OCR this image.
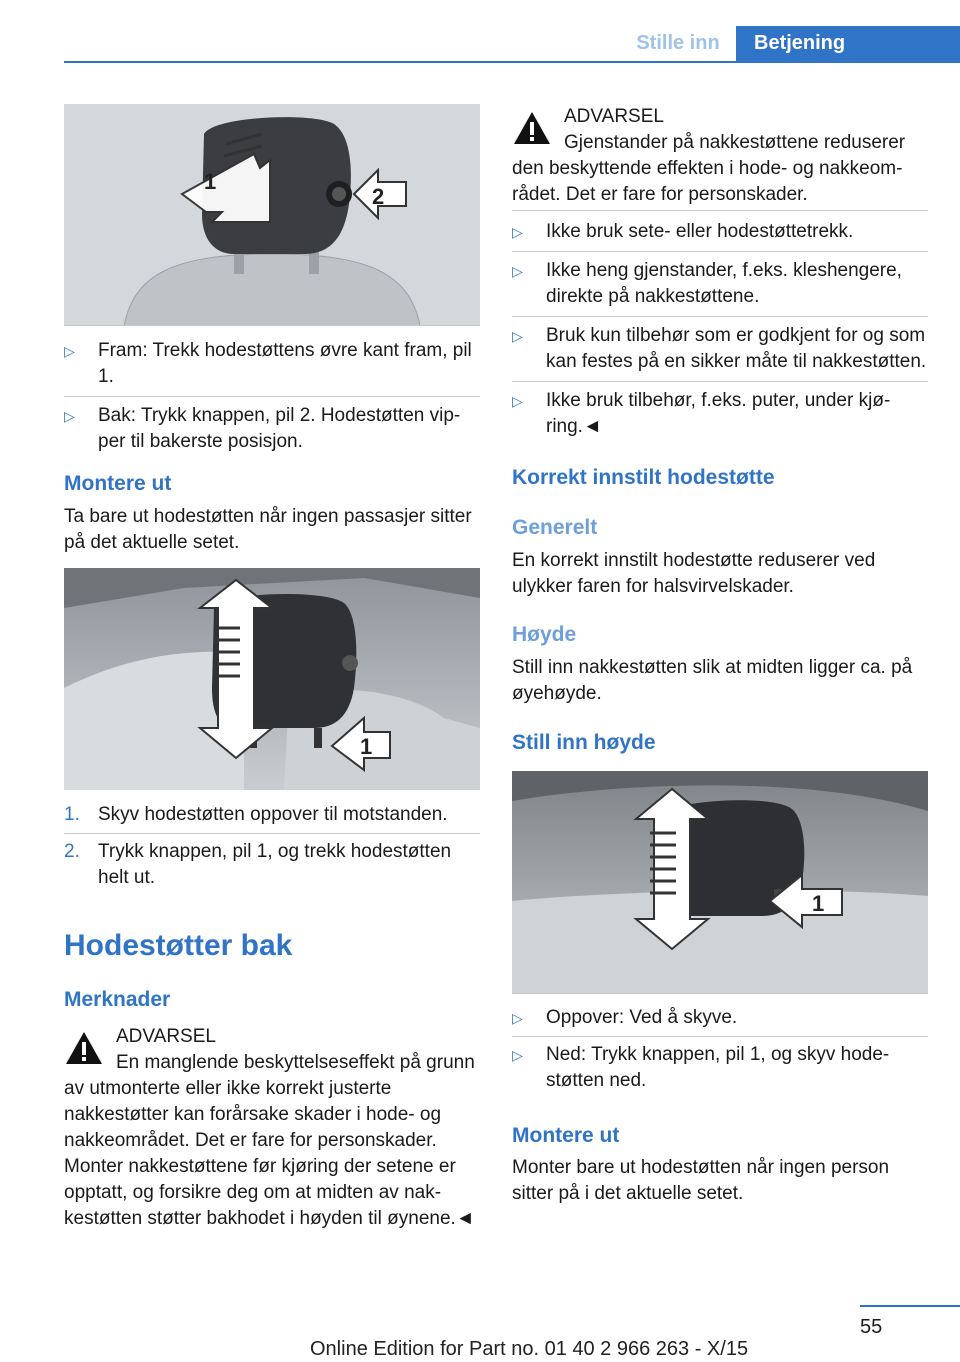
Stille inn	Betjening
1
2
▷	Fram: Trekk hodestøttens øvre kant fram, pil 1.
▷	Bak: Trykk knappen, pil 2. Hodestøtten vipper til bakerste posisjon.
Montere ut
Ta bare ut hodestøtten når ingen passasjer sitter på det aktuelle setet.
1
1. Skyv hodestøtten oppover til motstanden.
2. Trykk knappen, pil 1, og trekk hodestøtten helt ut.
Hodestøtter bak
Merknader
ADVARSEL
En manglende beskyttelseseffekt på grunn av utmonterte eller ikke korrekt justerte nakkestøtter kan forårsake skader i hode- og nakkeområdet. Det er fare for personskader. Monter nakkestøttene før kjøring der setene er opptatt, og forsikre deg om at midten av nakkestøtten støtter bakhodet i høyden til øynene.◄
ADVARSEL
Gjenstander på nakkestøttene reduserer den beskyttende effekten i hode- og nakkeområdet. Det er fare for personskader.
▷	Ikke bruk sete- eller hodestøttetrekk.
▷	Ikke heng gjenstander, f.eks. kleshengere, direkte på nakkestøttene.
▷	Bruk kun tilbehør som er godkjent for og som kan festes på en sikker måte til nakkestøtten.
▷	Ikke bruk tilbehør, f.eks. puter, under kjøring.◄
Korrekt innstilt hodestøtte
Generelt
En korrekt innstilt hodestøtte reduserer ved ulykker faren for halsvirvelskader.
Høyde
Still inn nakkestøtten slik at midten ligger ca. på øyehøyde.
Still inn høyde
1
▷	Oppover: Ved å skyve.
▷	Ned: Trykk knappen, pil 1, og skyv hodestøtten ned.
Montere ut
Monter bare ut hodestøtten når ingen person sitter på i det aktuelle setet.
55
Online Edition for Part no. 01 40 2 966 263 - X/15
